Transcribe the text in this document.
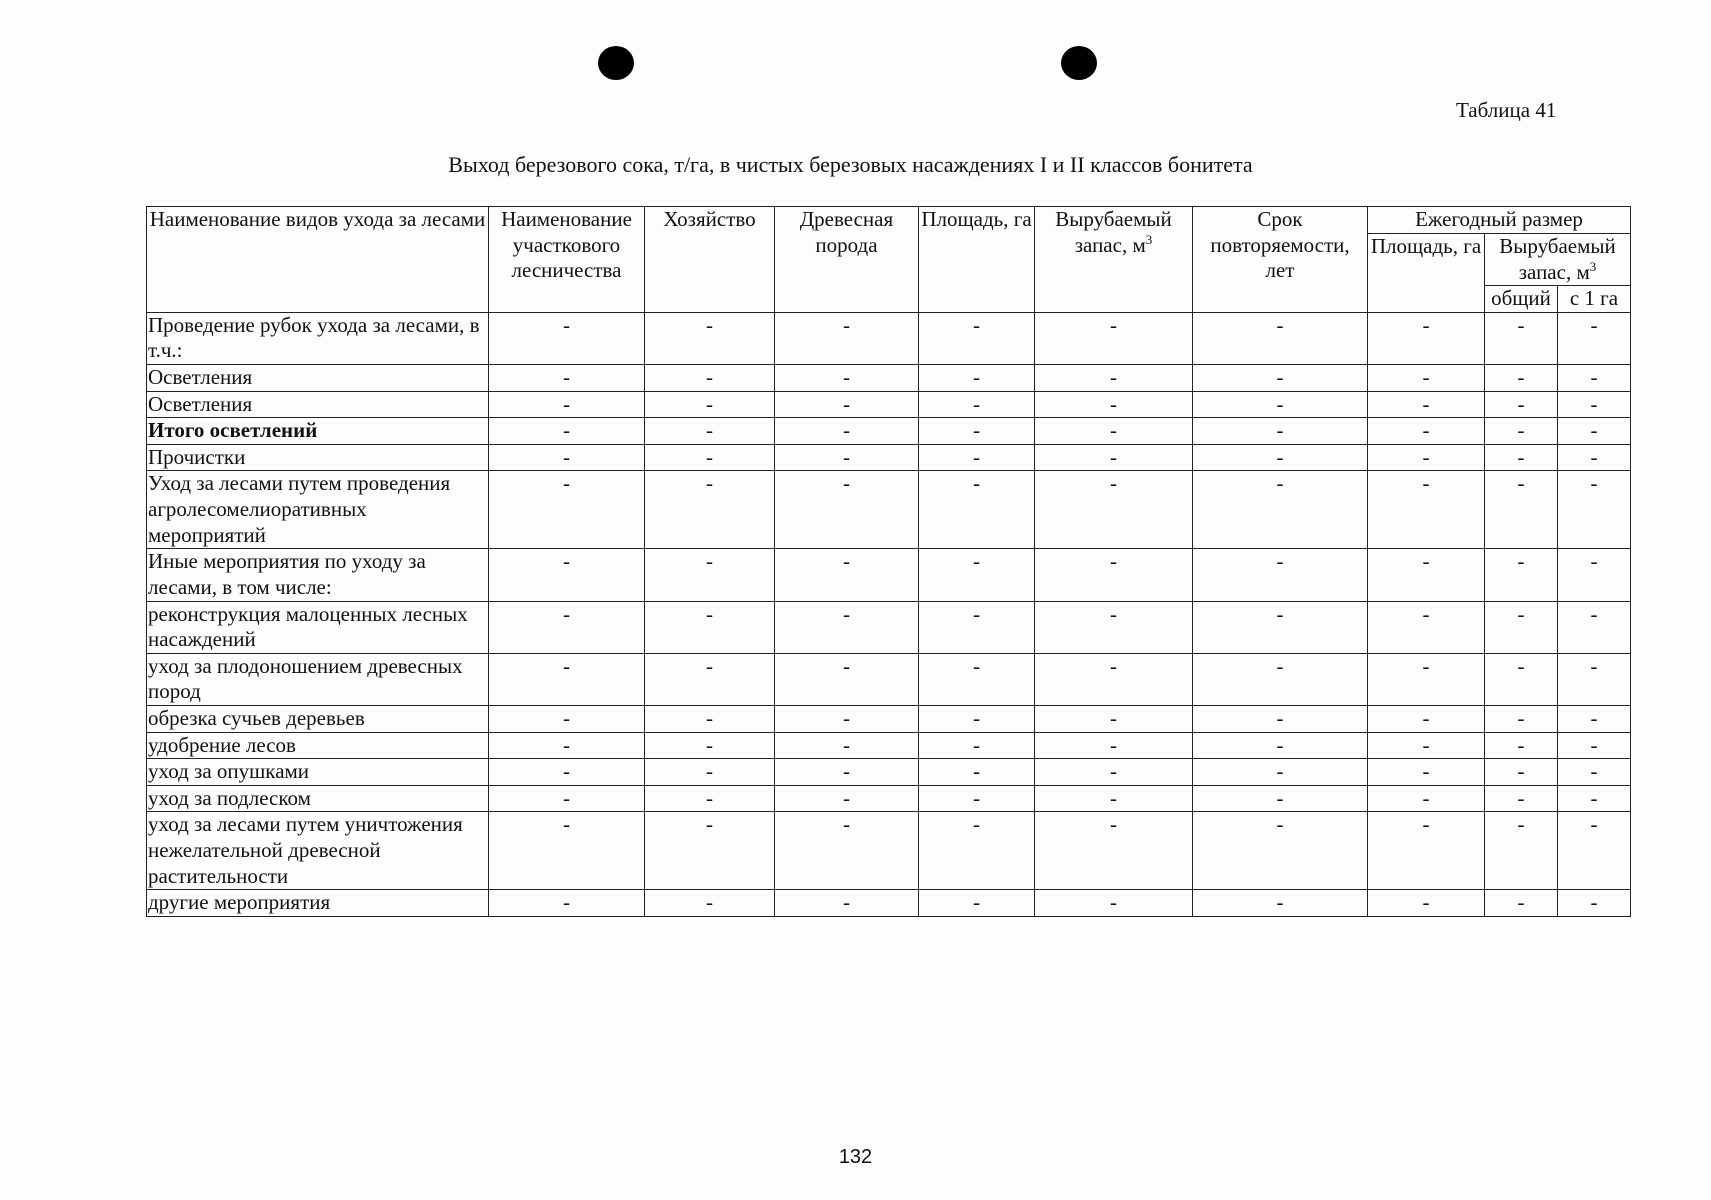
Таблица 41
Выход березового сока, т/га, в чистых березовых насаждениях I и II классов бонитета
Наименование видов ухода за лесами	Наименование участкового лесничества	Хозяйство	Древесная порода	Площадь, га	Вырубаемый запас, $м^3$	Срок повторяемости, лет	Ежегодный размер		
							Площадь, га	Вырубаемый запас, $м^3$
								общий	с 1 га
Проведение рубок ухода за лесами, в т.ч.:	-	-	-	-	-	-	-	-	-
Осветления	-	-	-	-	-	-	-	-	-
Осветления	-	-	-	-	-	-	-	-	-
Итого осветлений	-	-	-	-	-	-	-	-	-
Прочистки	-	-	-	-	-	-	-	-	-
Уход за лесами путем проведения агролесомелиоративных мероприятий	-	-	-	-	-	-	-	-	-
Иные мероприятия по уходу за лесами, в том числе:	-	-	-	-	-	-	-	-	-
реконструкция малоценных лесных насаждений	-	-	-	-	-	-	-	-	-
уход за плодоношением древесных пород	-	-	-	-	-	-	-	-	-
обрезка сучьев деревьев	-	-	-	-	-	-	-	-	-
удобрение лесов	-	-	-	-	-	-	-	-	-
уход за опушками	-	-	-	-	-	-	-	-	-
уход за подлеском	-	-	-	-	-	-	-	-	-
уход за лесами путем уничтожения нежелательной древесной растительности	-	-	-	-	-	-	-	-	-
другие мероприятия	-	-	-	-	-	-	-	-	-
132
